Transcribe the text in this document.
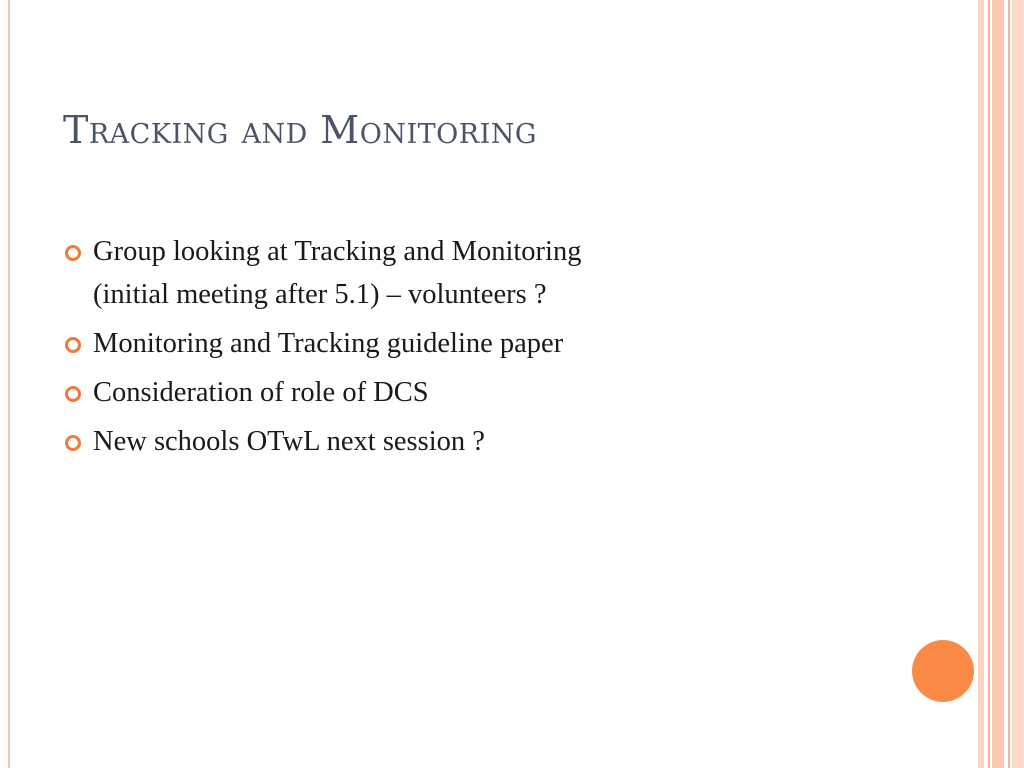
Tracking and Monitoring
Group looking at Tracking and Monitoring
(initial meeting after 5.1) – volunteers ?
Monitoring and Tracking guideline paper
Consideration of role of DCS
New schools OTwL next session ?
